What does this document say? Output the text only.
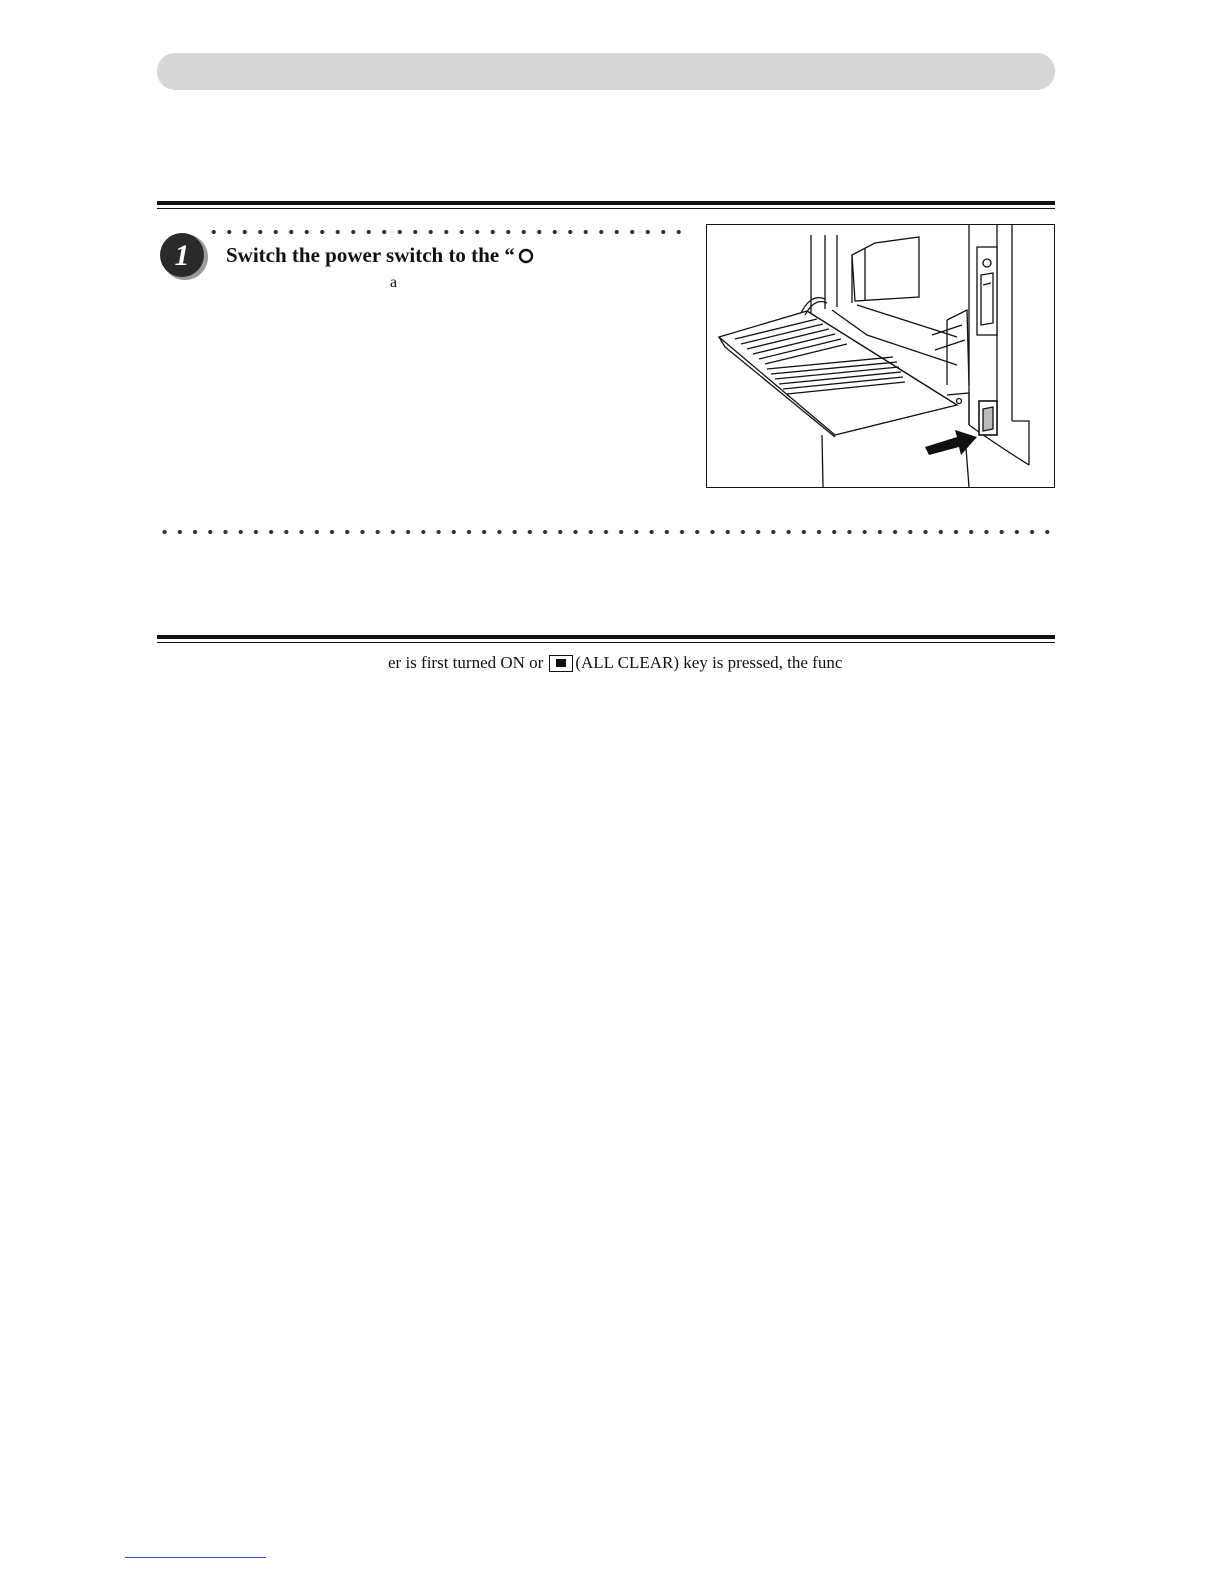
1 Switch the power switch to the “
a
er is first turned ON or (ALL CLEAR) key is pressed, the func
